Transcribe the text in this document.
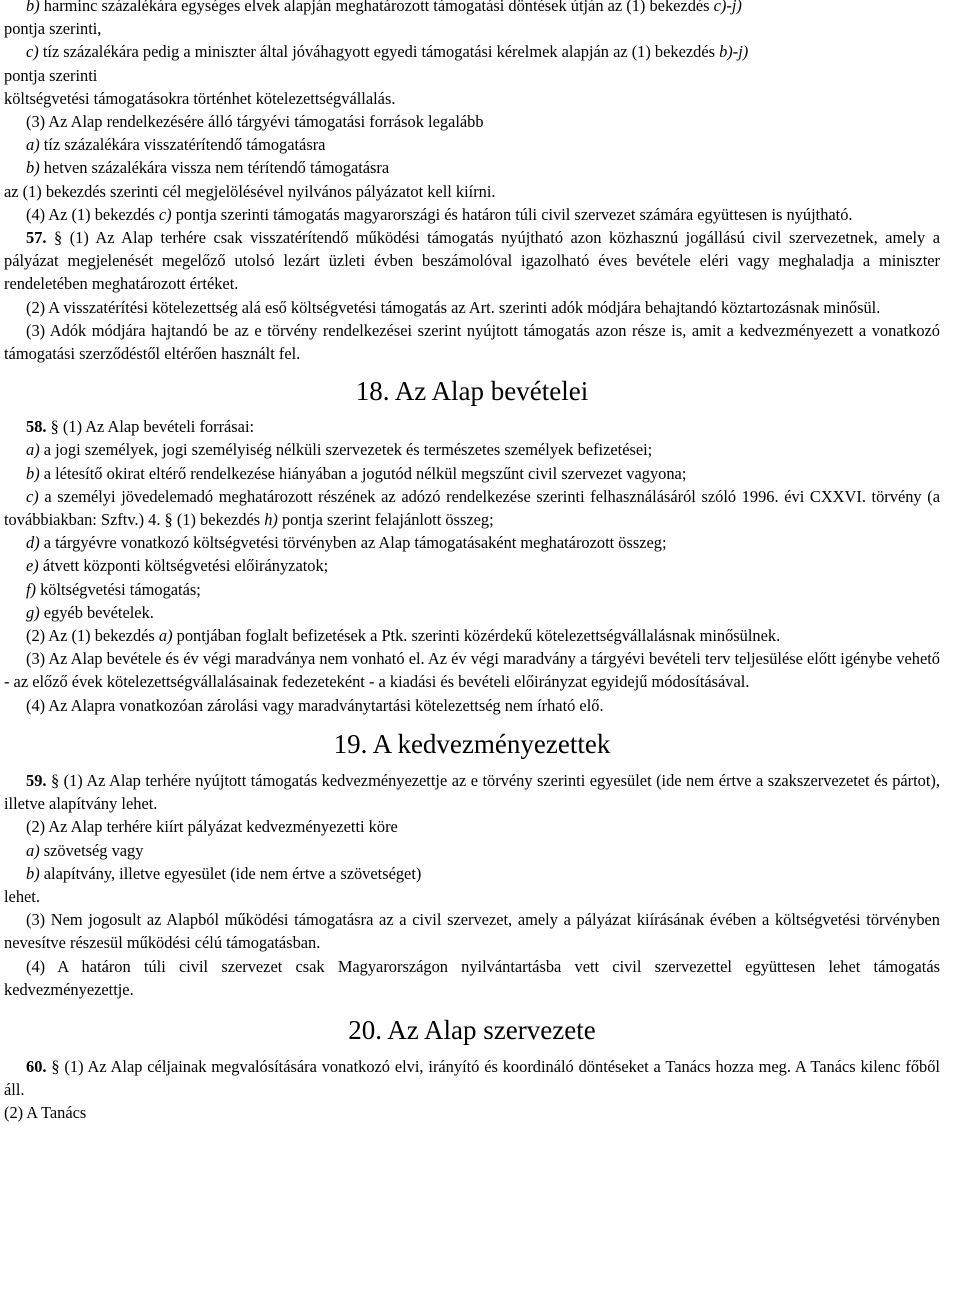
b) harminc százalékára egységes elvek alapján meghatározott támogatási döntések útján az (1) bekezdés c)-j)

pontja szerinti,

c) tíz százalékára pedig a miniszter által jóváhagyott egyedi támogatási kérelmek alapján az (1) bekezdés b)-j)

pontja szerinti

költségvetési támogatásokra történhet kötelezettségvállalás.

(3) Az Alap rendelkezésére álló tárgyévi támogatási források legalább

a) tíz százalékára visszatérítendő támogatásra

b) hetven százalékára vissza nem térítendő támogatásra

az (1) bekezdés szerinti cél megjelölésével nyilvános pályázatot kell kiírni.

(4) Az (1) bekezdés c) pontja szerinti támogatás magyarországi és határon túli civil szervezet számára együttesen is nyújtható.

57. § (1) Az Alap terhére csak visszatérítendő működési támogatás nyújtható azon közhasznú jogállású civil szervezetnek, amely a pályázat megjelenését megelőző utolsó lezárt üzleti évben beszámolóval igazolható éves bevétele eléri vagy meghaladja a miniszter rendeletében meghatározott értéket.

(2) A visszatérítési kötelezettség alá eső költségvetési támogatás az Art. szerinti adók módjára behajtandó köztartozásnak minősül.

(3) Adók módjára hajtandó be az e törvény rendelkezései szerint nyújtott támogatás azon része is, amit a kedvezményezett a vonatkozó támogatási szerződéstől eltérően használt fel.

18. Az Alap bevételei

58. § (1) Az Alap bevételi forrásai:

a) a jogi személyek, jogi személyiség nélküli szervezetek és természetes személyek befizetései;

b) a létesítő okirat eltérő rendelkezése hiányában a jogutód nélkül megszűnt civil szervezet vagyona;

c) a személyi jövedelemadó meghatározott részének az adózó rendelkezése szerinti felhasználásáról szóló 1996. évi CXXVI. törvény (a továbbiakban: Szftv.) 4. § (1) bekezdés h) pontja szerint felajánlott összeg;

d) a tárgyévre vonatkozó költségvetési törvényben az Alap támogatásaként meghatározott összeg;

e) átvett központi költségvetési előirányzatok;

f) költségvetési támogatás;

g) egyéb bevételek.

(2) Az (1) bekezdés a) pontjában foglalt befizetések a Ptk. szerinti közérdekű kötelezettségvállalásnak minősülnek.

(3) Az Alap bevétele és év végi maradványa nem vonható el. Az év végi maradvány a tárgyévi bevételi terv teljesülése előtt igénybe vehető - az előző évek kötelezettségvállalásainak fedezeteként - a kiadási és bevételi előirányzat egyidejű módosításával.

(4) Az Alapra vonatkozóan zárolási vagy maradványtartási kötelezettség nem írható elő.

19. A kedvezményezettek

59. § (1) Az Alap terhére nyújtott támogatás kedvezményezettje az e törvény szerinti egyesület (ide nem értve a szakszervezetet és pártot), illetve alapítvány lehet.

(2) Az Alap terhére kiírt pályázat kedvezményezetti köre

a) szövetség vagy

b) alapítvány, illetve egyesület (ide nem értve a szövetséget)

lehet.

(3) Nem jogosult az Alapból működési támogatásra az a civil szervezet, amely a pályázat kiírásának évében a költségvetési törvényben nevesítve részesül működési célú támogatásban.

(4) A határon túli civil szervezet csak Magyarországon nyilvántartásba vett civil szervezettel együttesen lehet támogatás kedvezményezettje.

20. Az Alap szervezete

60. § (1) Az Alap céljainak megvalósítására vonatkozó elvi, irányító és koordináló döntéseket a Tanács hozza meg. A Tanács kilenc főből áll.

(2) A Tanács
